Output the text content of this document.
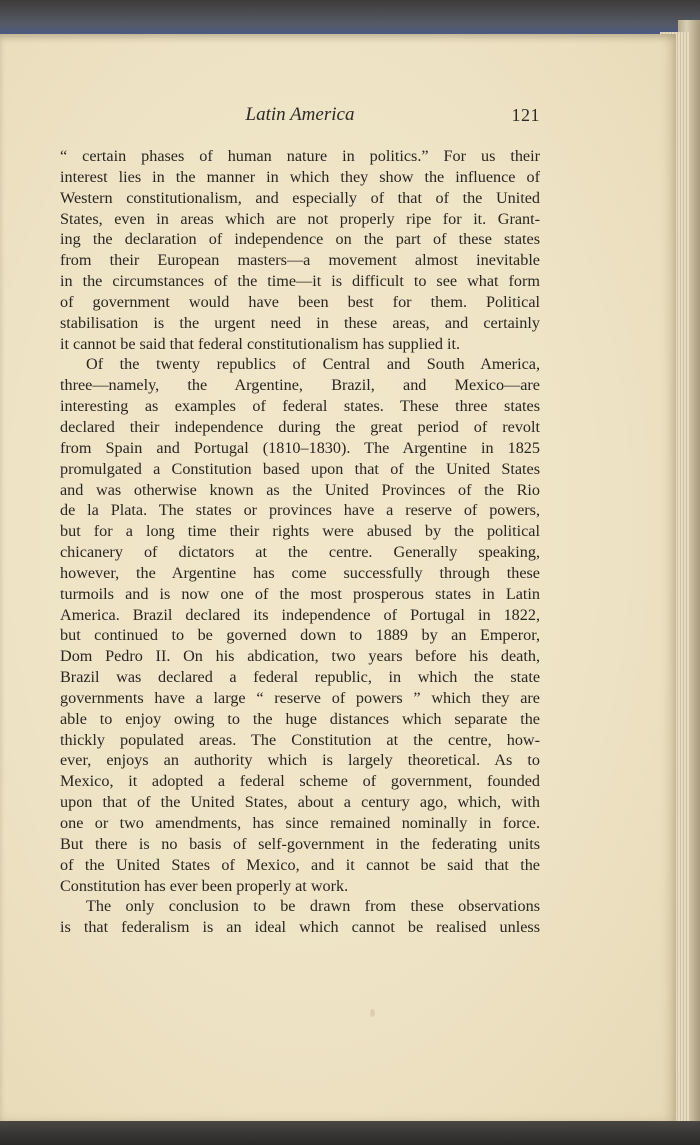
Latin America	121
“ certain phases of human nature in politics.” For us their
interest lies in the manner in which they show the influence of
Western constitutionalism, and especially of that of the United
States, even in areas which are not properly ripe for it. Grant-
ing the declaration of independence on the part of these states
from their European masters—a movement almost inevitable
in the circumstances of the time—it is difficult to see what form
of government would have been best for them. Political
stabilisation is the urgent need in these areas, and certainly
it cannot be said that federal constitutionalism has supplied it.
Of the twenty republics of Central and South America,
three—namely, the Argentine, Brazil, and Mexico—are
interesting as examples of federal states. These three states
declared their independence during the great period of revolt
from Spain and Portugal (1810–1830). The Argentine in 1825
promulgated a Constitution based upon that of the United States
and was otherwise known as the United Provinces of the Rio
de la Plata. The states or provinces have a reserve of powers,
but for a long time their rights were abused by the political
chicanery of dictators at the centre. Generally speaking,
however, the Argentine has come successfully through these
turmoils and is now one of the most prosperous states in Latin
America. Brazil declared its independence of Portugal in 1822,
but continued to be governed down to 1889 by an Emperor,
Dom Pedro II. On his abdication, two years before his death,
Brazil was declared a federal republic, in which the state
governments have a large “ reserve of powers ” which they are
able to enjoy owing to the huge distances which separate the
thickly populated areas. The Constitution at the centre, how-
ever, enjoys an authority which is largely theoretical. As to
Mexico, it adopted a federal scheme of government, founded
upon that of the United States, about a century ago, which, with
one or two amendments, has since remained nominally in force.
But there is no basis of self-government in the federating units
of the United States of Mexico, and it cannot be said that the
Constitution has ever been properly at work.
The only conclusion to be drawn from these observations
is that federalism is an ideal which cannot be realised unless
